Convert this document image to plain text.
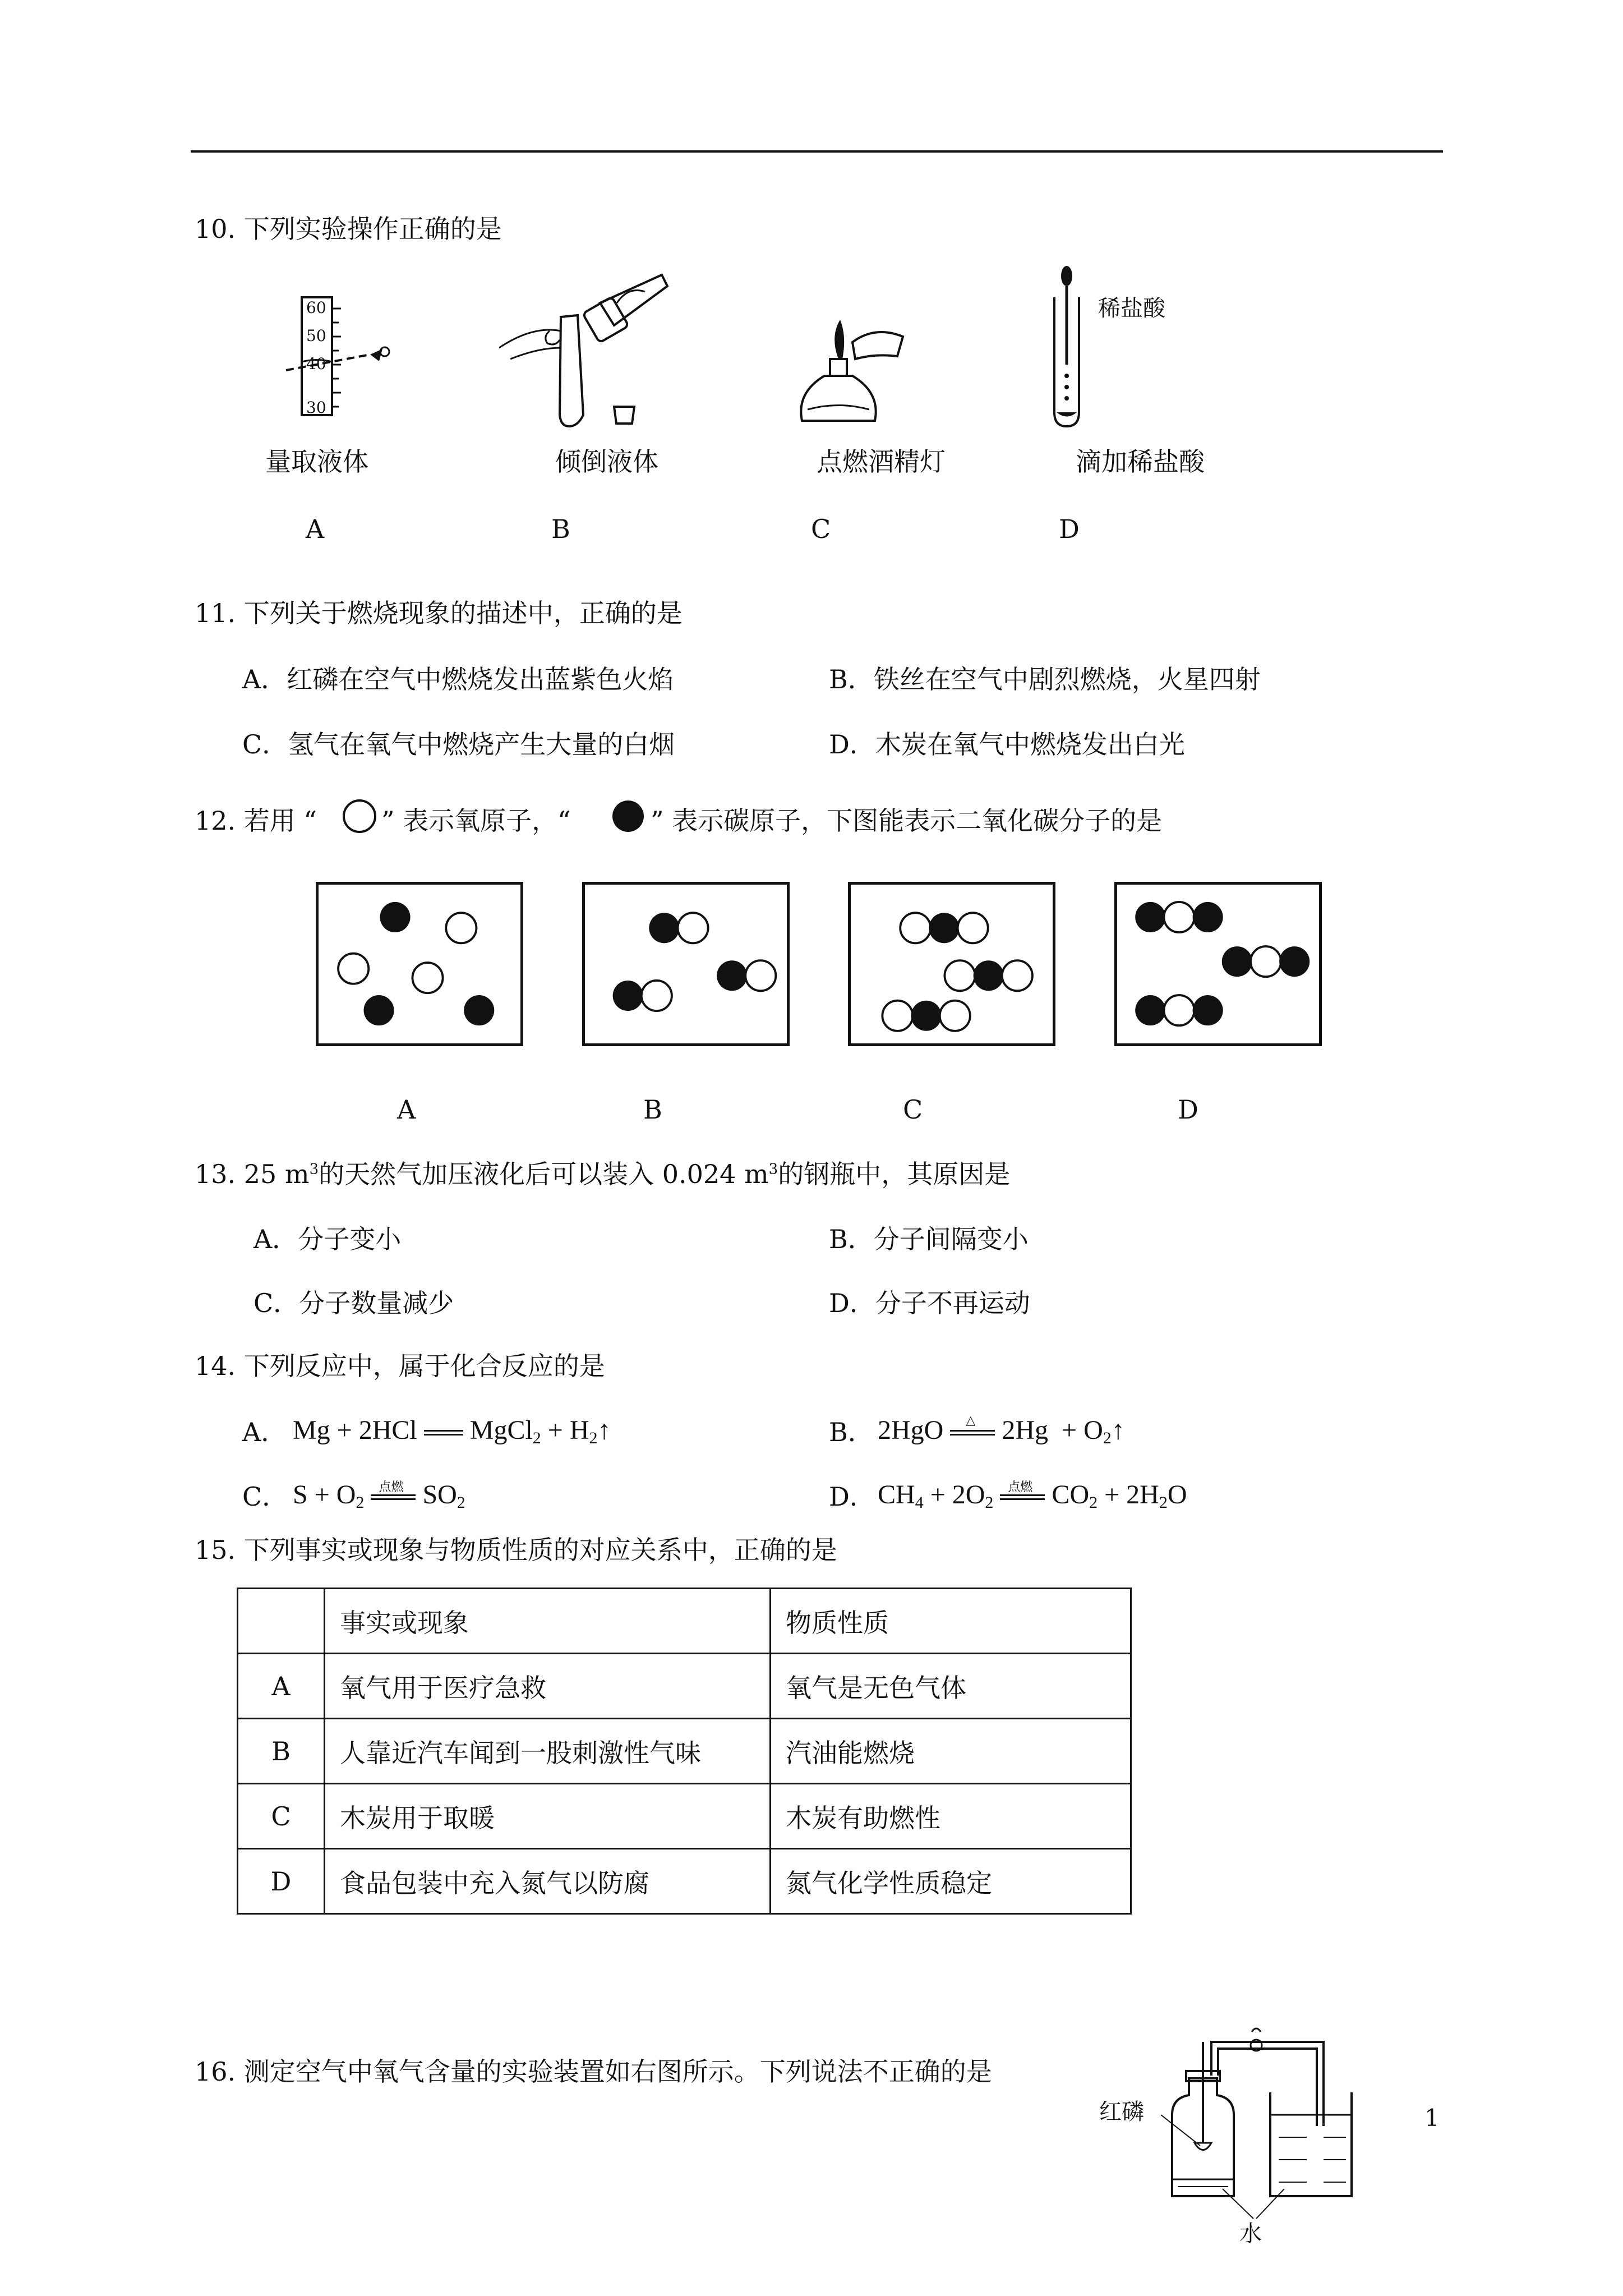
10. 下列实验操作正确的是
60
50
40
30
稀盐酸
量取液体	倾倒液体	点燃酒精灯	滴加稀盐酸
A	B	C	D
11. 下列关于燃烧现象的描述中，正确的是
A．红磷在空气中燃烧发出蓝紫色火焰	B．铁丝在空气中剧烈燃烧，火星四射
C．氢气在氧气中燃烧产生大量的白烟	D．木炭在氧气中燃烧发出白光
12. 若用 “	” 表示氧原子，“	” 表示碳原子，下图能表示二氧化碳分子的是
A	B	C	D
13. 25 $m^3$的天然气加压液化后可以装入 0.024 $m^3$的钢瓶中，其原因是
A．分子变小	B．分子间隔变小
C．分子数量减少	D．分子不再运动
14. 下列反应中，属于化合反应的是
A． Mg + 2HCl  MgCl$_2$ + $H_2↑$	B． 2HgO △ $2Hg + O_2↑$
C． $S + O_2$
点燃 $SO_2$	D． $CH_4 + 2O_2$
点燃 $CO_2 + 2H_2O$
15. 下列事实或现象与物质性质的对应关系中，正确的是
	事实或现象	物质性质
A	氧气用于医疗急救	氧气是无色气体
B	人靠近汽车闻到一股刺激性气味	汽油能燃烧
C	木炭用于取暖	木炭有助燃性
D	食品包装中充入氮气以防腐	氮气化学性质稳定
16. 测定空气中氧气含量的实验装置如右图所示。下列说法不正确的是
红磷
水
1
